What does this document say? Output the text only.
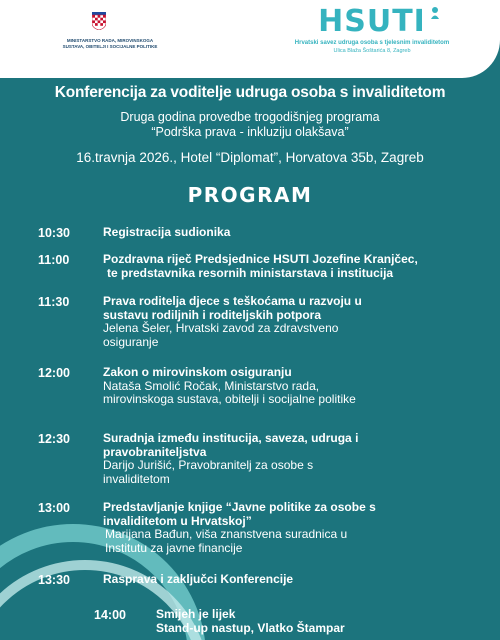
MINISTARSTVO RADA, MIROVINSKOGA
SUSTAVA, OBITELJI I SOCIJALNE POLITIKE
HSUTI
Hrvatski savez udruga osoba s tjelesnim invaliditetom
Ulica Blaža Šoštarića 8, Zagreb
Konferencija za voditelje udruga osoba s invaliditetom
Druga godina provedbe trogodišnjeg programa
“Podrška prava - inkluziju olakšava”
16.travnja 2026., Hotel “Diplomat”, Horvatova 35b, Zagreb
PROGRAM
10:30	Registracija sudionika
11:00	Pozdravna riječ Predsjednice HSUTI Jozefine Kranjčec,
te predstavnika resornih ministarstava i institucija
11:30	Prava roditelja djece s teškoćama u razvoju u
sustavu rodiljnih i roditeljskih potpora
Jelena Šeler, Hrvatski zavod za zdravstveno
osiguranje
12:00	Zakon o mirovinskom osiguranju
Nataša Smolić Ročak, Ministarstvo rada,
mirovinskoga sustava, obitelji i socijalne politike
12:30	Suradnja između institucija, saveza, udruga i
pravobraniteljstva
Darijo Jurišić, Pravobranitelj za osobe s
invaliditetom
13:00	Predstavljanje knjige “Javne politike za osobe s
invaliditetom u Hrvatskoj”
Marijana Bađun, viša znanstvena suradnica u
Institutu za javne financije
13:30	Rasprava i zaključci Konferencije
14:00	Smijeh je lijek
Stand-up nastup, Vlatko Štampar
